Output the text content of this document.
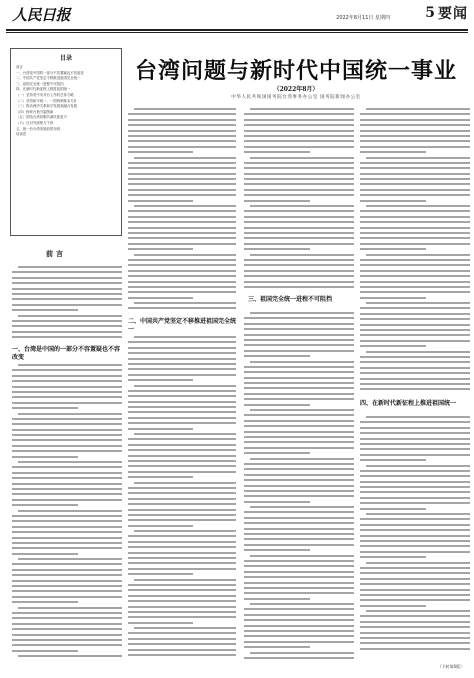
人民日报	2022年8月11日 星期四	5 要闻
目录
前言
一、台湾是中国的一部分不容置疑也不容改变
二、中国共产党坚定不移推进祖国完全统一
三、祖国完全统一进程不可阻挡
四、在新时代新征程上推进祖国统一
（一）坚持党中央对台工作的总体方略
（二）坚持和平统一、一国两制基本方针
（三）推动两岸关系和平发展和融合发展
（四）粉碎台独分裂图谋
（五）团结台湾同胞共谋民族复兴
（六）反对外部势力干涉
五、统一后台湾发展前景光明
结束语
台湾问题与新时代中国统一事业
（2022年8月）
中华人民共和国国务院台湾事务办公室 国务院新闻办公室
前言
一、台湾是中国的一部分不容置疑也不容改变
二、中国共产党坚定不移推进祖国完全统一
三、祖国完全统一进程不可阻挡
四、在新时代新征程上推进祖国统一
（下转第6版）
